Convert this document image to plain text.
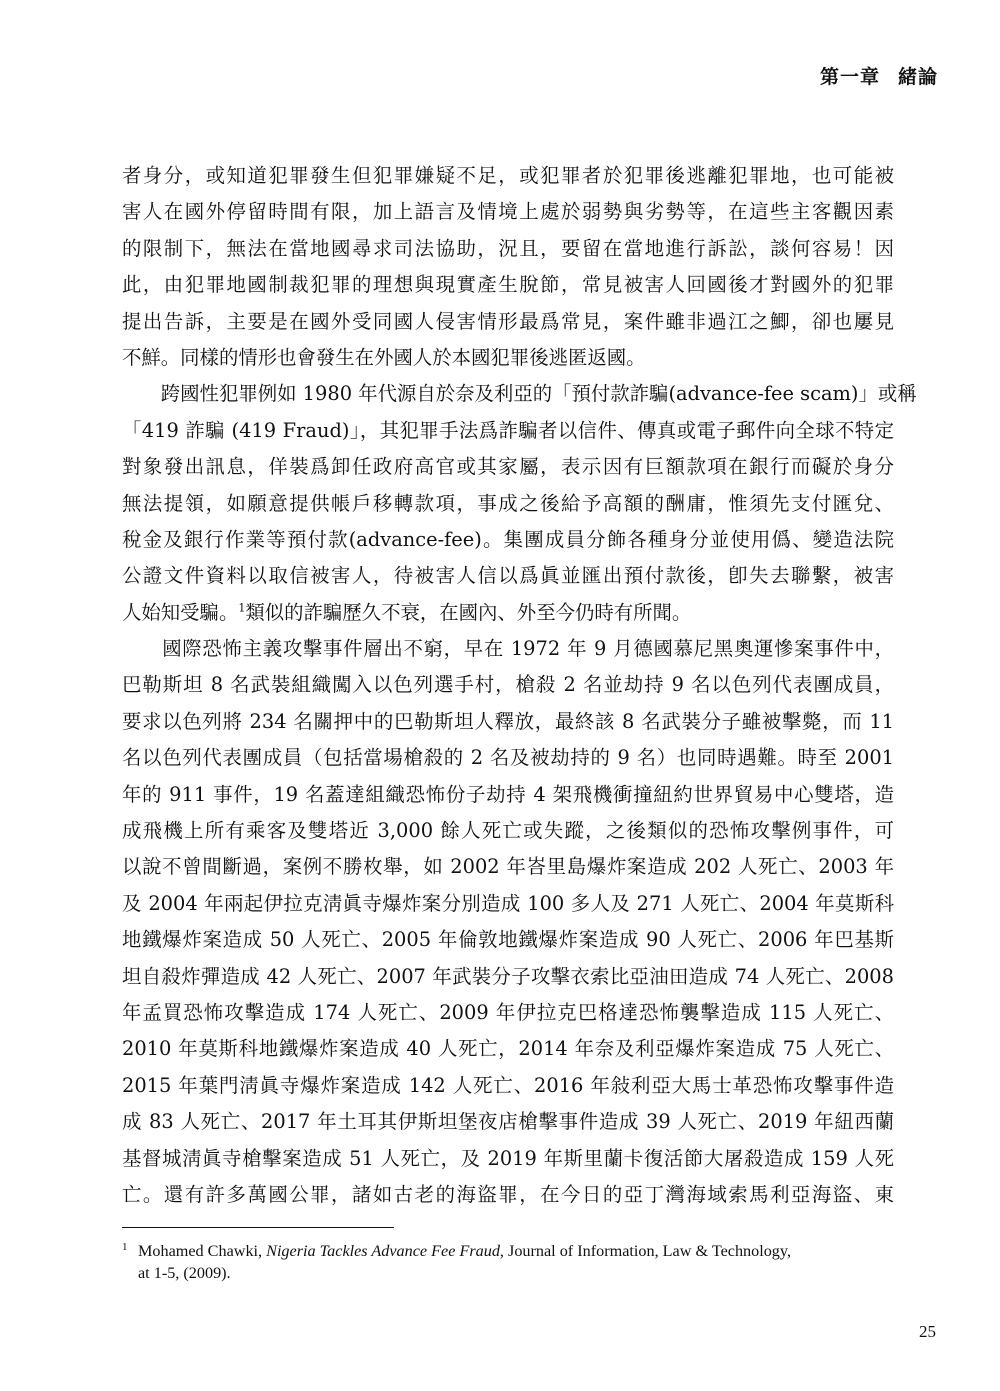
第一章 緒論
者身分，或知道犯罪發生但犯罪嫌疑不足，或犯罪者於犯罪後逃離犯罪地，也可能被
害人在國外停留時間有限，加上語言及情境上處於弱勢與劣勢等，在這些主客觀因素
的限制下，無法在當地國尋求司法協助，況且，要留在當地進行訴訟，談何容易！因
此，由犯罪地國制裁犯罪的理想與現實產生脫節，常見被害人回國後才對國外的犯罪
提出告訴，主要是在國外受同國人侵害情形最爲常見，案件雖非過江之鯽，卻也屢見
不鮮。同樣的情形也會發生在外國人於本國犯罪後逃匿返國。
　　跨國性犯罪例如 1980 年代源自於奈及利亞的「預付款詐騙(advance-fee scam)」或稱
「419 詐騙 (419 Fraud)」，其犯罪手法爲詐騙者以信件、傳真或電子郵件向全球不特定
對象發出訊息，佯裝爲卸任政府高官或其家屬，表示因有巨額款項在銀行而礙於身分
無法提領，如願意提供帳戶移轉款項，事成之後給予高額的酬庸，惟須先支付匯兌、
稅金及銀行作業等預付款(advance-fee)。集團成員分飾各種身分並使用僞、變造法院
公證文件資料以取信被害人，待被害人信以爲眞並匯出預付款後，卽失去聯繫，被害
人始知受騙。$^1$類似的詐騙歷久不衰，在國內、外至今仍時有所聞。
　　國際恐怖主義攻擊事件層出不窮，早在 1972 年 9 月德國慕尼黑奧運慘案事件中，
巴勒斯坦 8 名武裝組織闖入以色列選手村，槍殺 2 名並劫持 9 名以色列代表團成員，
要求以色列將 234 名關押中的巴勒斯坦人釋放，最終該 8 名武裝分子雖被擊斃，而 11
名以色列代表團成員（包括當場槍殺的 2 名及被劫持的 9 名）也同時遇難。時至 2001
年的 911 事件，19 名蓋達組織恐怖份子劫持 4 架飛機衝撞紐約世界貿易中心雙塔，造
成飛機上所有乘客及雙塔近 3,000 餘人死亡或失蹤，之後類似的恐怖攻擊例事件，可
以說不曾間斷過，案例不勝枚舉，如 2002 年峇里島爆炸案造成 202 人死亡、2003 年
及 2004 年兩起伊拉克淸眞寺爆炸案分別造成 100 多人及 271 人死亡、2004 年莫斯科
地鐵爆炸案造成 50 人死亡、2005 年倫敦地鐵爆炸案造成 90 人死亡、2006 年巴基斯
坦自殺炸彈造成 42 人死亡、2007 年武裝分子攻擊衣索比亞油田造成 74 人死亡、2008
年孟買恐怖攻擊造成 174 人死亡、2009 年伊拉克巴格達恐怖襲擊造成 115 人死亡、
2010 年莫斯科地鐵爆炸案造成 40 人死亡，2014 年奈及利亞爆炸案造成 75 人死亡、
2015 年葉門淸眞寺爆炸案造成 142 人死亡、2016 年敍利亞大馬士革恐怖攻擊事件造
成 83 人死亡、2017 年土耳其伊斯坦堡夜店槍擊事件造成 39 人死亡、2019 年紐西蘭
基督城淸眞寺槍擊案造成 51 人死亡，及 2019 年斯里蘭卡復活節大屠殺造成 159 人死
亡。還有許多萬國公罪，諸如古老的海盜罪，在今日的亞丁灣海域索馬利亞海盜、東
1 Mohamed Chawki, Nigeria Tackles Advance Fee Fraud, Journal of Information, Law & Technology,
at 1-5, (2009).
25
